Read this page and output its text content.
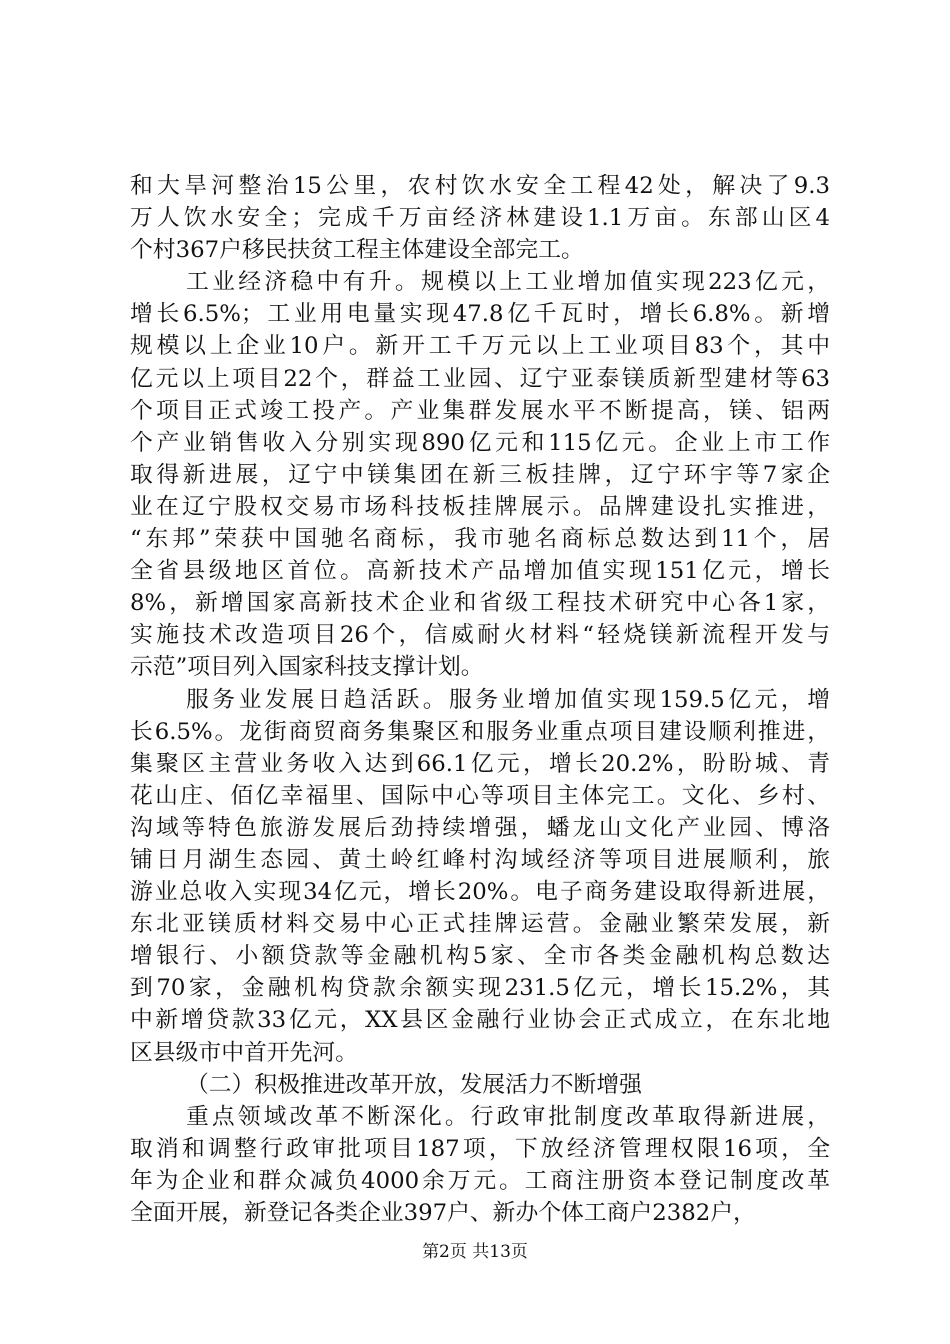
和大旱河整治15公里，农村饮水安全工程42处，解决了9.3
万人饮水安全；完成千万亩经济林建设1.1万亩。东部山区4
个村367户移民扶贫工程主体建设全部完工。
工业经济稳中有升。规模以上工业增加值实现223亿元，
增长6.5%；工业用电量实现47.8亿千瓦时，增长6.8%。新增
规模以上企业10户。新开工千万元以上工业项目83个，其中
亿元以上项目22个，群益工业园、辽宁亚泰镁质新型建材等63
个项目正式竣工投产。产业集群发展水平不断提高，镁、铝两
个产业销售收入分别实现890亿元和115亿元。企业上市工作
取得新进展，辽宁中镁集团在新三板挂牌，辽宁环宇等7家企
业在辽宁股权交易市场科技板挂牌展示。品牌建设扎实推进，
“东邦”荣获中国驰名商标，我市驰名商标总数达到11个，居
全省县级地区首位。高新技术产品增加值实现151亿元，增长
8%，新增国家高新技术企业和省级工程技术研究中心各1家，
实施技术改造项目26个，信威耐火材料“轻烧镁新流程开发与
示范”项目列入国家科技支撑计划。
服务业发展日趋活跃。服务业增加值实现159.5亿元，增
长6.5%。龙街商贸商务集聚区和服务业重点项目建设顺利推进，
集聚区主营业务收入达到66.1亿元，增长20.2%，盼盼城、青
花山庄、佰亿幸福里、国际中心等项目主体完工。文化、乡村、
沟域等特色旅游发展后劲持续增强，蟠龙山文化产业园、博洛
铺日月湖生态园、黄土岭红峰村沟域经济等项目进展顺利，旅
游业总收入实现34亿元，增长20%。电子商务建设取得新进展，
东北亚镁质材料交易中心正式挂牌运营。金融业繁荣发展，新
增银行、小额贷款等金融机构5家、全市各类金融机构总数达
到70家，金融机构贷款余额实现231.5亿元，增长15.2%，其
中新增贷款33亿元，XX县区金融行业协会正式成立，在东北地
区县级市中首开先河。
（二）积极推进改革开放，发展活力不断增强
重点领域改革不断深化。行政审批制度改革取得新进展，
取消和调整行政审批项目187项，下放经济管理权限16项，全
年为企业和群众减负4000余万元。工商注册资本登记制度改革
全面开展，新登记各类企业397户、新办个体工商户2382户，
第2页 共13页
